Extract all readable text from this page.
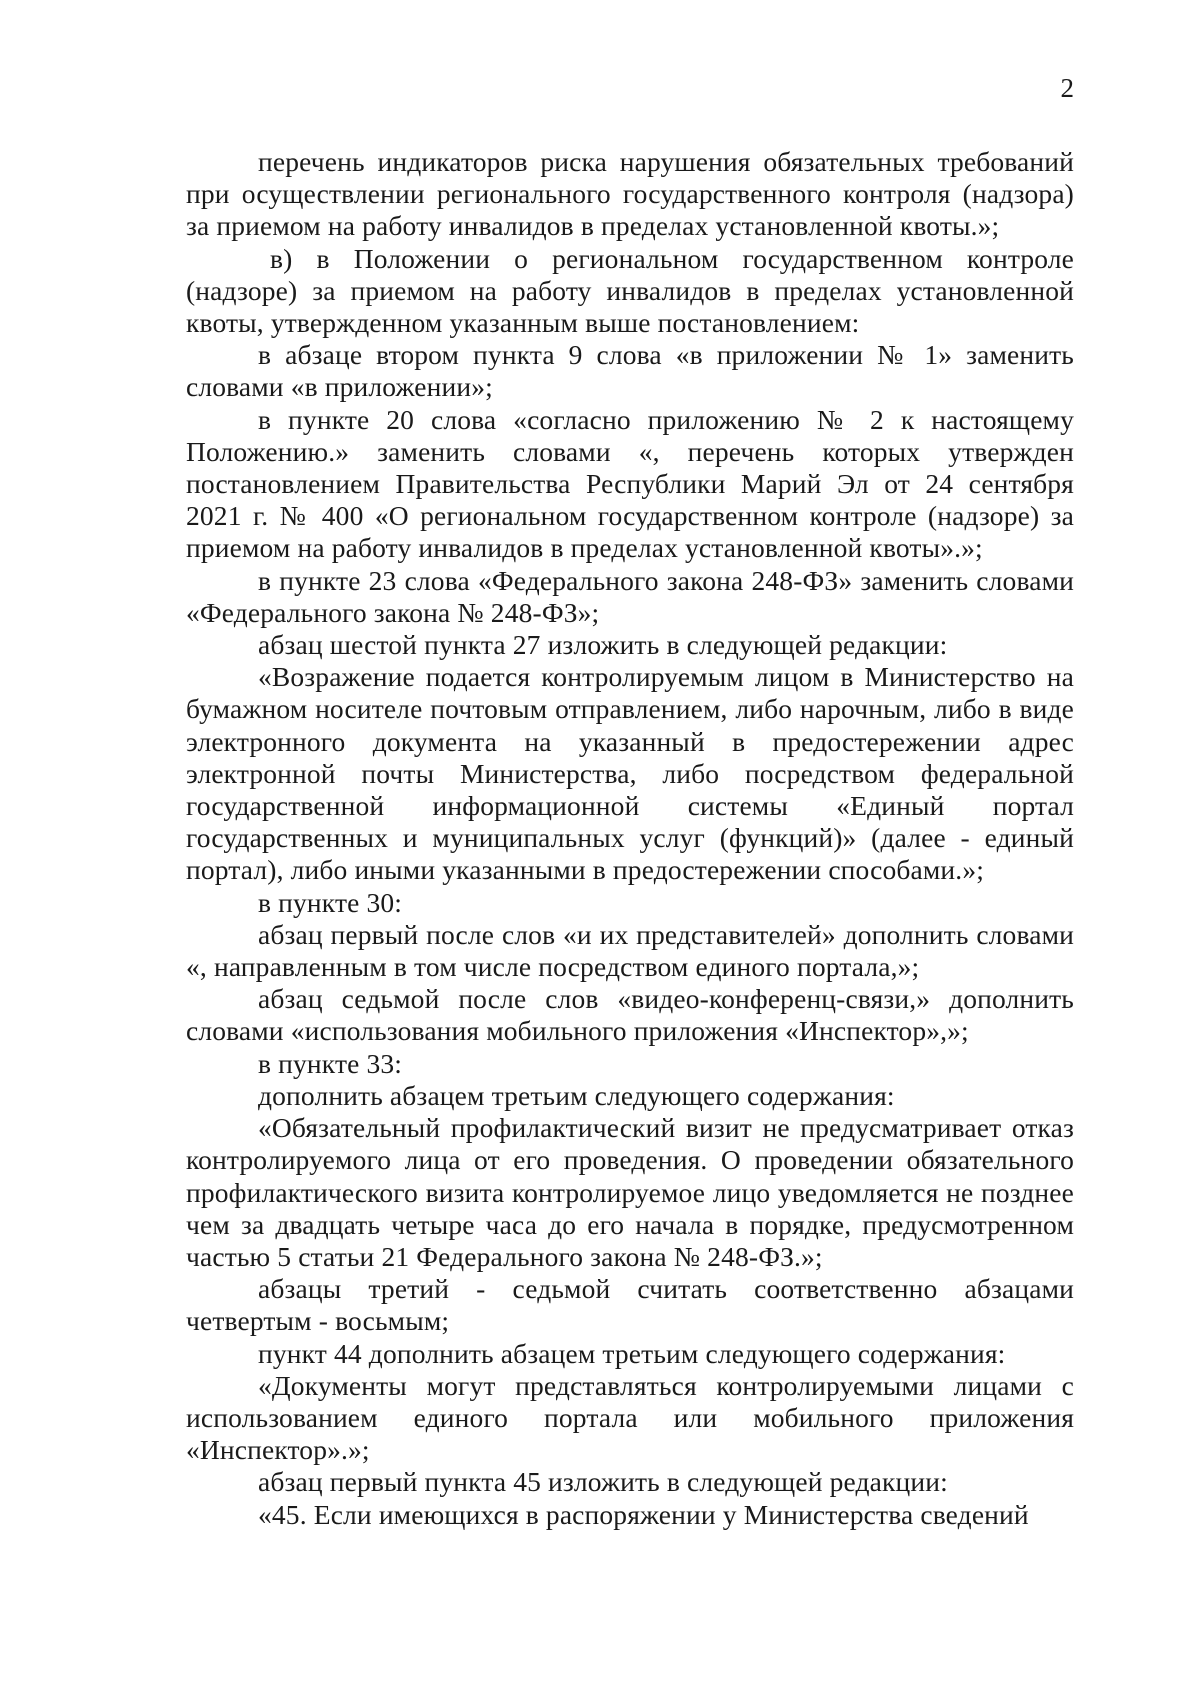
2

перечень индикаторов риска нарушения обязательных требований при осуществлении регионального государственного контроля (надзора) за приемом на работу инвалидов в пределах установленной квоты.»;

в) в Положении о региональном государственном контроле (надзоре) за приемом на работу инвалидов в пределах установленной квоты, утвержденном указанным выше постановлением:

в абзаце втором пункта 9 слова «в приложении № 1» заменить словами «в приложении»;

в пункте 20 слова «согласно приложению № 2 к настоящему Положению.» заменить словами «, перечень которых утвержден постановлением Правительства Республики Марий Эл от 24 сентября 2021 г. № 400 «О региональном государственном контроле (надзоре) за приемом на работу инвалидов в пределах установленной квоты».»;

в пункте 23 слова «Федерального закона 248-ФЗ» заменить словами «Федерального закона № 248-ФЗ»;

абзац шестой пункта 27 изложить в следующей редакции:

«Возражение подается контролируемым лицом в Министерство на бумажном носителе почтовым отправлением, либо нарочным, либо в виде электронного документа на указанный в предостережении адрес электронной почты Министерства, либо посредством федеральной государственной информационной системы «Единый портал государственных и муниципальных услуг (функций)» (далее - единый портал), либо иными указанными в предостережении способами.»;

в пункте 30:

абзац первый после слов «и их представителей» дополнить словами «, направленным в том числе посредством единого портала,»;

абзац седьмой после слов «видео-конференц-связи,» дополнить словами «использования мобильного приложения «Инспектор»,»;

в пункте 33:

дополнить абзацем третьим следующего содержания:

«Обязательный профилактический визит не предусматривает отказ контролируемого лица от его проведения. О проведении обязательного профилактического визита контролируемое лицо уведомляется не позднее чем за двадцать четыре часа до его начала в порядке, предусмотренном частью 5 статьи 21 Федерального закона № 248-ФЗ.»;

абзацы третий - седьмой считать соответственно абзацами четвертым - восьмым;

пункт 44 дополнить абзацем третьим следующего содержания:

«Документы могут представляться контролируемыми лицами с использованием единого портала или мобильного приложения «Инспектор».»;

абзац первый пункта 45 изложить в следующей редакции:

«45. Если имеющихся в распоряжении у Министерства сведений
